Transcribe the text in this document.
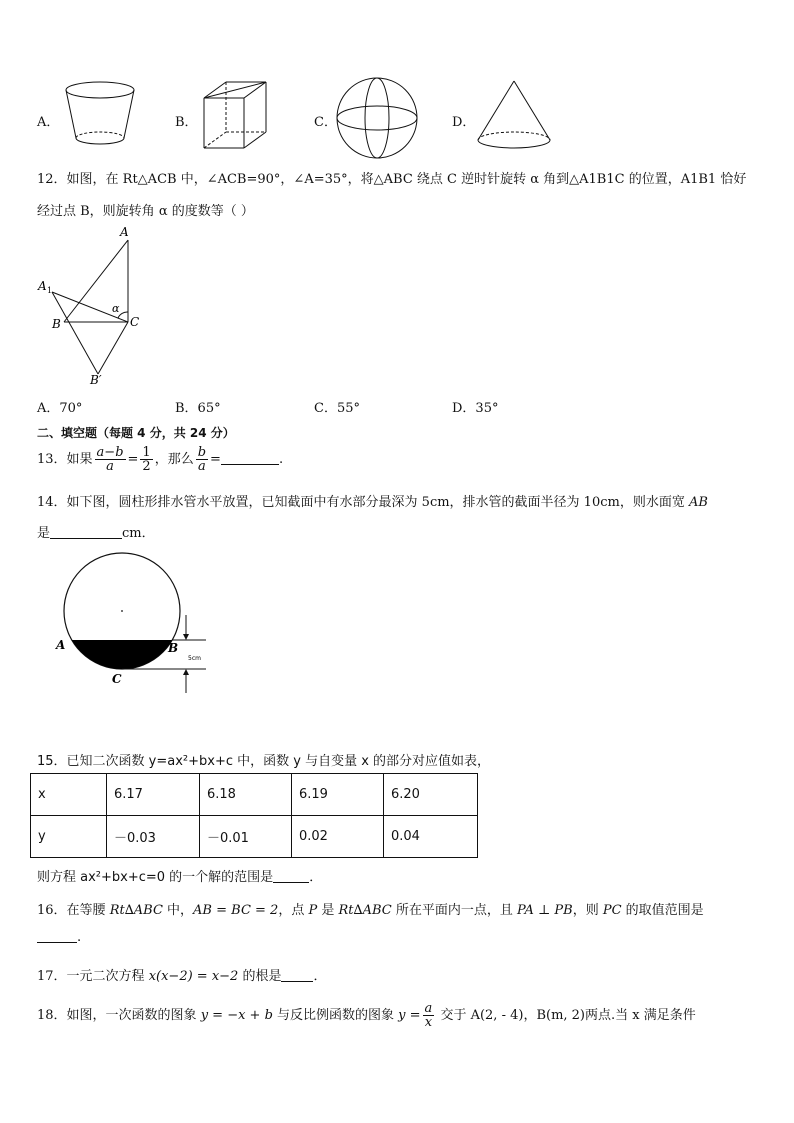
A．	B．	C．	D．
12．如图，在 Rt△ACB 中，∠ACB=90°，∠A=35°，将△ABC 绕点 C 逆时针旋转 α 角到△A1B1C 的位置，A1B1 恰好
经过点 B，则旋转角 α 的度数等（ ）
A
A 1
B	C
B′
α
A．70°	B．65°	C．55°	D．35°
二、填空题（每题 4 分，共 24 分）
13．如果 $\frac{a-b}{a} = \frac{1}{2}$ ，那么 $\frac{b}{a}$ =	.
14．如下图，圆柱形排水管水平放置，已知截面中有水部分最深为 5cm，排水管的截面半径为 10cm，则水面宽 AB
是	cm．
A	B
C
5cm
15．已知二次函数 y=ax²+bx+c 中，函数 y 与自变量 x 的部分对应值如表，
x	6.17	6.18	6.19	6.20
y	－0.03	－0.01	0.02	0.04
则方程 ax²+bx+c=0 的一个解的范围是	．
16．在等腰 Rt∆ABC 中，AB = BC = 2，点 P 是 Rt∆ABC 所在平面内一点，且 PA ⊥ PB，则 PC 的取值范围是
.
17．一元二次方程 x(x−2) = x−2 的根是 ．
18．如图，一次函数的图象 y = −x + b 与反比例函数的图象 $y = \frac{a}{x}$ 交于 A(2, - 4)，B(m, 2)两点.当 x 满足条件
